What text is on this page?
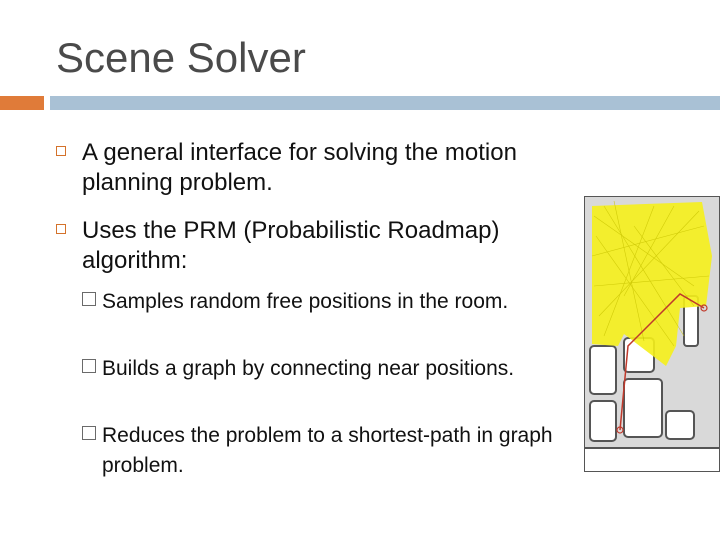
Scene Solver
A general interface for solving the motion planning problem.
Uses the PRM (Probabilistic Roadmap) algorithm:
Samples random free positions in the room.
Builds a graph by connecting near positions.
Reduces the problem to a shortest-path in graph problem.
